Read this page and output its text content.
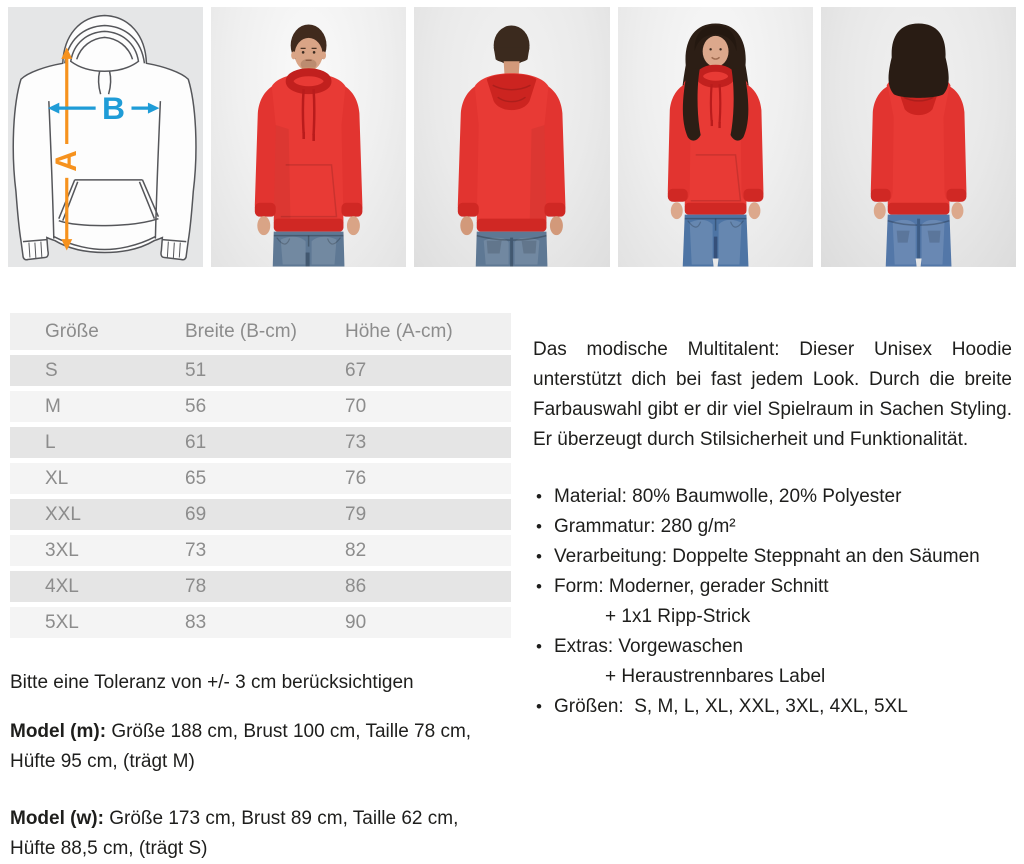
A
B
Größe	Breite (B-cm)	Höhe (A-cm)
S	51	67
M	56	70
L	61	73
XL	65	76
XXL	69	79
3XL	73	82
4XL	78	86
5XL	83	90

Das modische Multitalent: Dieser Unisex Hoodie unterstützt dich bei fast jedem Look. Durch die breite Farbauswahl gibt er dir viel Spielraum in Sachen Styling. Er überzeugt durch Stilsicherheit und Funktionalität.

• Material: 80% Baumwolle, 20% Polyester
• Grammatur: 280 g/m²
• Verarbeitung: Doppelte Steppnaht an den Säumen
• Form: Moderner, gerader Schnitt
+ 1x1 Ripp-Strick
• Extras: Vorgewaschen
+ Heraustrennbares Label
• Größen:  S, M, L, XL, XXL, 3XL, 4XL, 5XL

Bitte eine Toleranz von +/- 3 cm berücksichtigen

Model (m): Größe 188 cm, Brust 100 cm, Taille 78 cm, Hüfte 95 cm, (trägt M)

Model (w): Größe 173 cm, Brust 89 cm, Taille 62 cm, Hüfte 88,5 cm, (trägt S)
